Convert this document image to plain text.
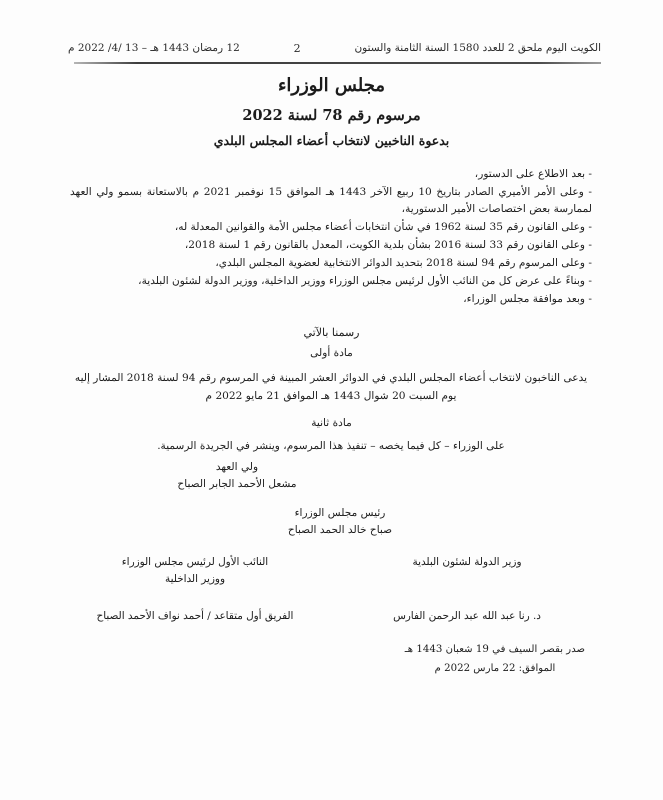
الكويت اليوم ملحق 2 للعدد 1580 السنة الثامنة والستون
2
12 رمضان 1443 هـ – 13 /4/ 2022 م
مجلس الوزراء
مرسوم رقم 78 لسنة 2022
بدعوة الناخبين لانتخاب أعضاء المجلس البلدي

- بعد الاطلاع على الدستور،

- وعلى الأمر الأميري الصادر بتاريخ 10 ربيع الآخر 1443 هـ الموافق 15 نوفمبر 2021 م بالاستعانة بسمو ولي العهد لممارسة بعض اختصاصات الأمير الدستورية،

- وعلى القانون رقم 35 لسنة 1962 في شأن انتخابات أعضاء مجلس الأمة والقوانين المعدلة له،

- وعلى القانون رقم 33 لسنة 2016 بشأن بلدية الكويت، المعدل بالقانون رقم 1 لسنة 2018،

- وعلى المرسوم رقم 94 لسنة 2018 بتحديد الدوائر الانتخابية لعضوية المجلس البلدي،

- وبناءً على عرض كل من النائب الأول لرئيس مجلس الوزراء ووزير الداخلية، ووزير الدولة لشئون البلدية،

- وبعد موافقة مجلس الوزراء،

رسمنا بالآتي
مادة أولى
يدعى الناخبون لانتخاب أعضاء المجلس البلدي في الدوائر العشر المبينة في المرسوم رقم 94 لسنة 2018 المشار إليه يوم السبت 20 شوال 1443 هـ الموافق 21 مايو 2022 م
مادة ثانية
على الوزراء – كل فيما يخصه – تنفيذ هذا المرسوم، وينشر في الجريدة الرسمية.
ولي العهد
مشعل الأحمد الجابر الصباح
رئيس مجلس الوزراء
صباح خالد الحمد الصباح
النائب الأول لرئيس مجلس الوزراء
ووزير الداخلية
الفريق أول متقاعد / أحمد نواف الأحمد الصباح
وزير الدولة لشئون البلدية
د. رنا عبد الله عبد الرحمن الفارس
صدر بقصر السيف في 19 شعبان 1443 هـ
الموافق: 22 مارس 2022 م
